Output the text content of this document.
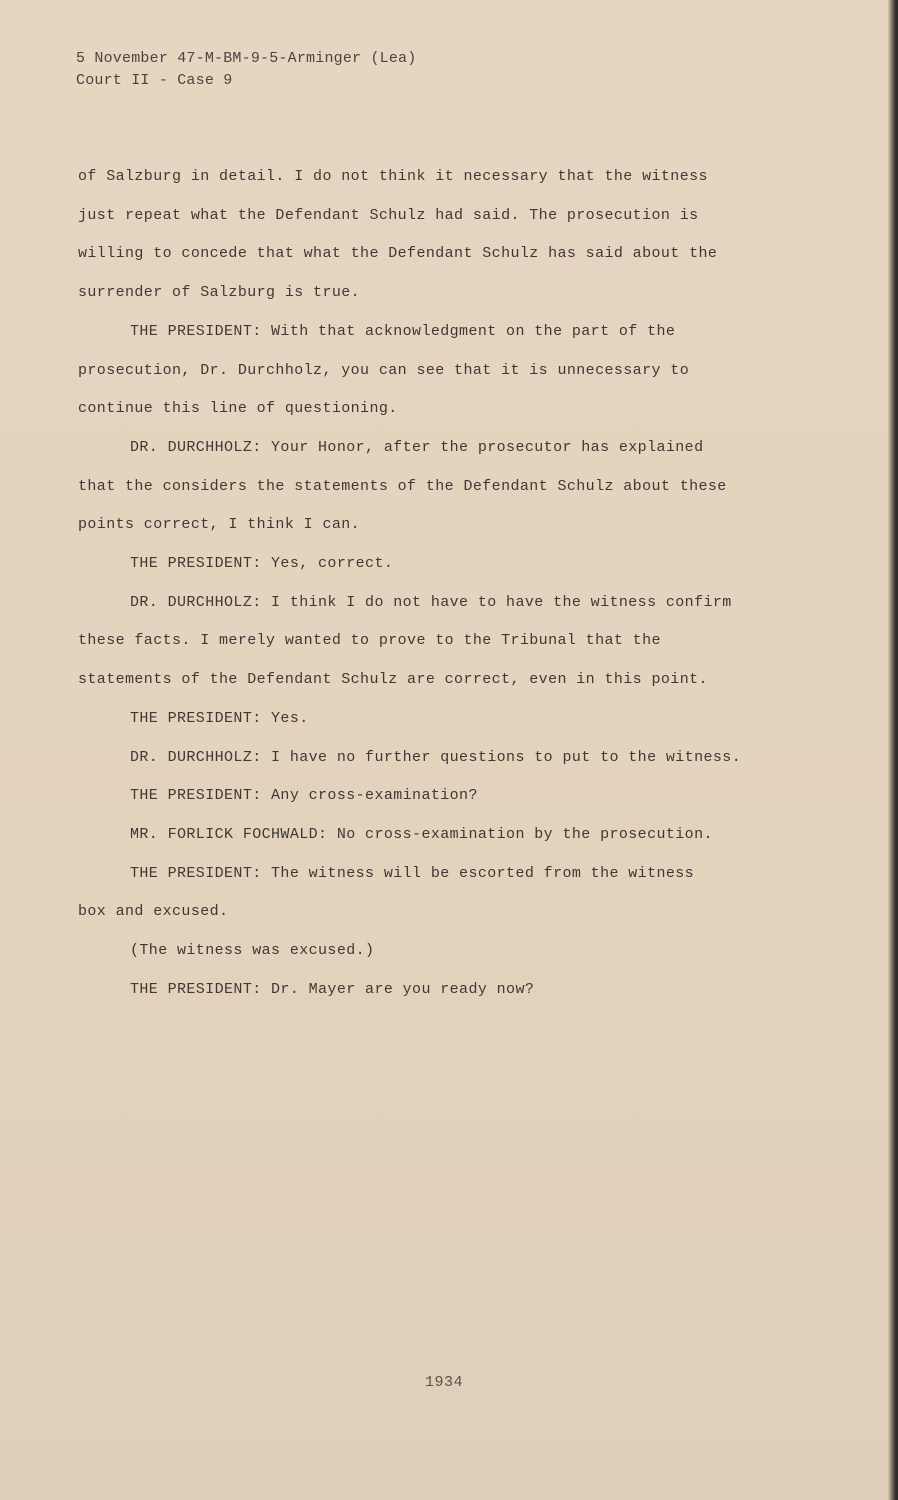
5 November 47-M-BM-9-5-Arminger (Lea)
Court II - Case 9
of Salzburg in detail. I do not think it necessary that the witness
just repeat what the Defendant Schulz had said. The prosecution is
willing to concede that what the Defendant Schulz has said about the
surrender of Salzburg is true.
THE PRESIDENT: With that acknowledgment on the part of the
prosecution, Dr. Durchholz, you can see that it is unnecessary to
continue this line of questioning.
DR. DURCHHOLZ: Your Honor, after the prosecutor has explained
that the considers the statements of the Defendant Schulz about these
points correct, I think I can.
THE PRESIDENT: Yes, correct.
DR. DURCHHOLZ: I think I do not have to have the witness confirm
these facts. I merely wanted to prove to the Tribunal that the
statements of the Defendant Schulz are correct, even in this point.
THE PRESIDENT: Yes.
DR. DURCHHOLZ: I have no further questions to put to the witness.
THE PRESIDENT: Any cross-examination?
MR. FORLICK FOCHWALD: No cross-examination by the prosecution.
THE PRESIDENT: The witness will be escorted from the witness
box and excused.
(The witness was excused.)
THE PRESIDENT: Dr. Mayer are you ready now?
1934
